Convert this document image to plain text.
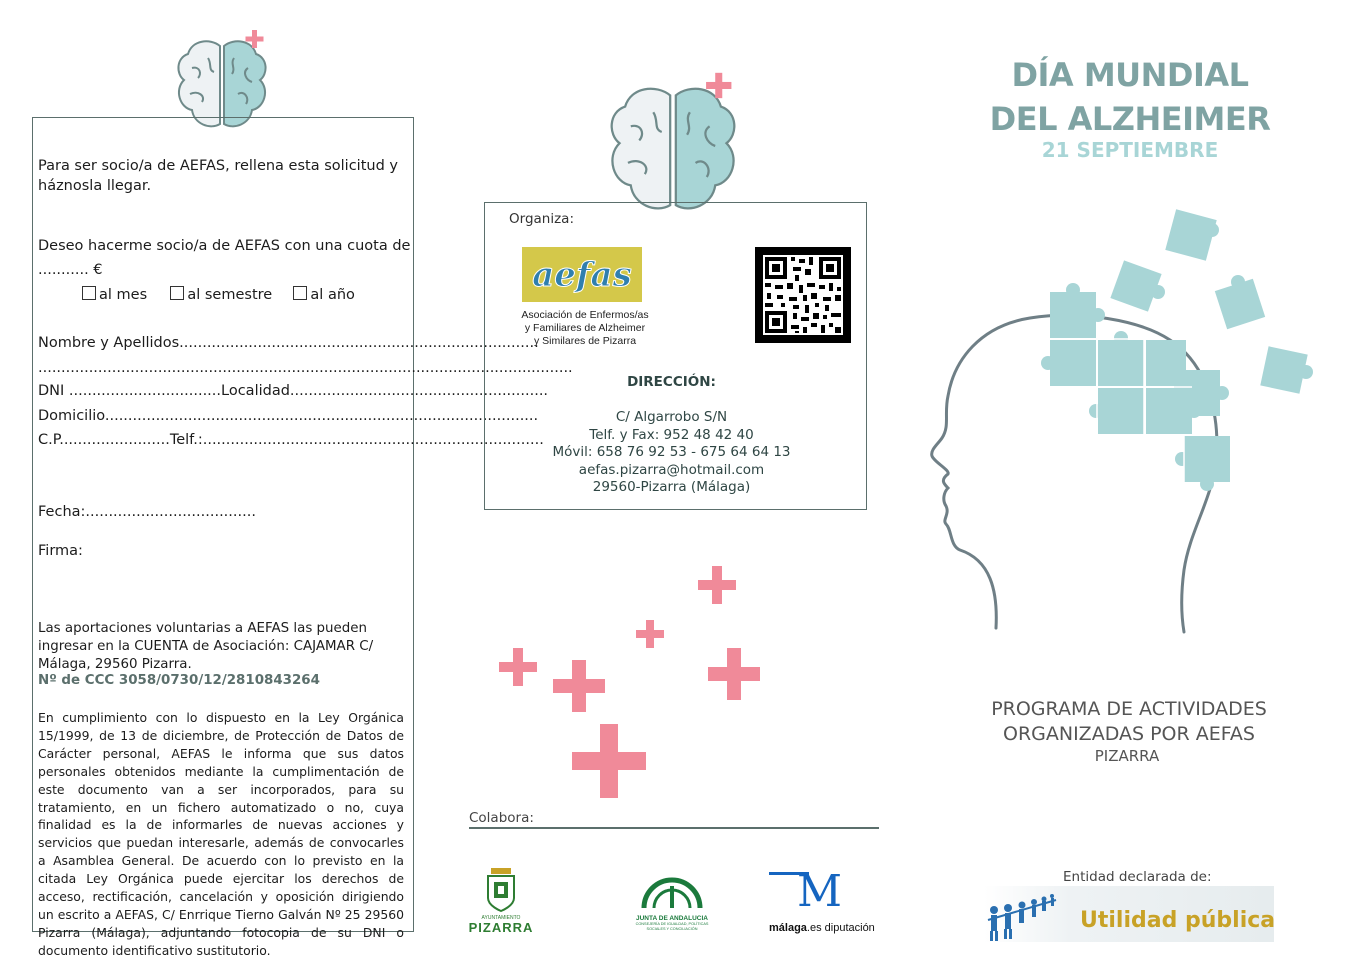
Para ser socio/a de AEFAS, rellena esta solicitud y háznosla llegar.
Deseo hacerme socio/a de AEFAS con una cuota de
........... €
al mes	al semestre	al año
Nombre y Apellidos..............................................................................
....................................................................................................................
DNI .................................Localidad........................................................
Domicilio..............................................................................................
C.P........................Telf.:..........................................................................
Fecha:.....................................
Firma:
Las aportaciones voluntarias a AEFAS las pueden ingresar en la CUENTA de Asociación: CAJAMAR C/ Málaga, 29560 Pizarra.
Nº de CCC 3058/0730/12/2810843264
En cumplimiento con lo dispuesto en la Ley Orgánica 15/1999, de 13 de diciembre, de Protección de Datos de Carácter personal, AEFAS le informa que sus datos personales obtenidos mediante la cumplimentación de este documento van a ser incorporados, para su tratamiento, en un fichero automatizado o no, cuya finalidad es la de informarles de nuevas acciones y servicios que puedan interesarle, además de convocarles a Asamblea General. De acuerdo con lo previsto en la citada Ley Orgánica puede ejercitar los derechos de acceso, rectificación, cancelación y oposición dirigiendo un escrito a AEFAS, C/ Enrrique Tierno Galván Nº 25 29560 Pizarra (Málaga), adjuntando fotocopia de su DNI o documento identificativo sustitutorio.
Organiza:
aefas
Asociación de Enfermos/as
y Familiares de Alzheimer
y Similares de Pizarra
DIRECCIÓN:
C/ Algarrobo S/N
Telf. y Fax: 952 48 42 40
Móvil: 658 76 92 53 - 675 64 64 13
aefas.pizarra@hotmail.com
29560-Pizarra (Málaga)
Colabora:
AYUNTAMIENTO
PIZARRA
JUNTA DE ANDALUCIA
CONSEJERÍA DE IGUALDAD, POLÍTICAS SOCIALES Y CONCILIACIÓN
M
málaga.es diputación
DÍA MUNDIAL
DEL ALZHEIMER
21 SEPTIEMBRE
PROGRAMA DE ACTIVIDADES
ORGANIZADAS POR AEFAS
PIZARRA
Entidad declarada de:
Utilidad pública
